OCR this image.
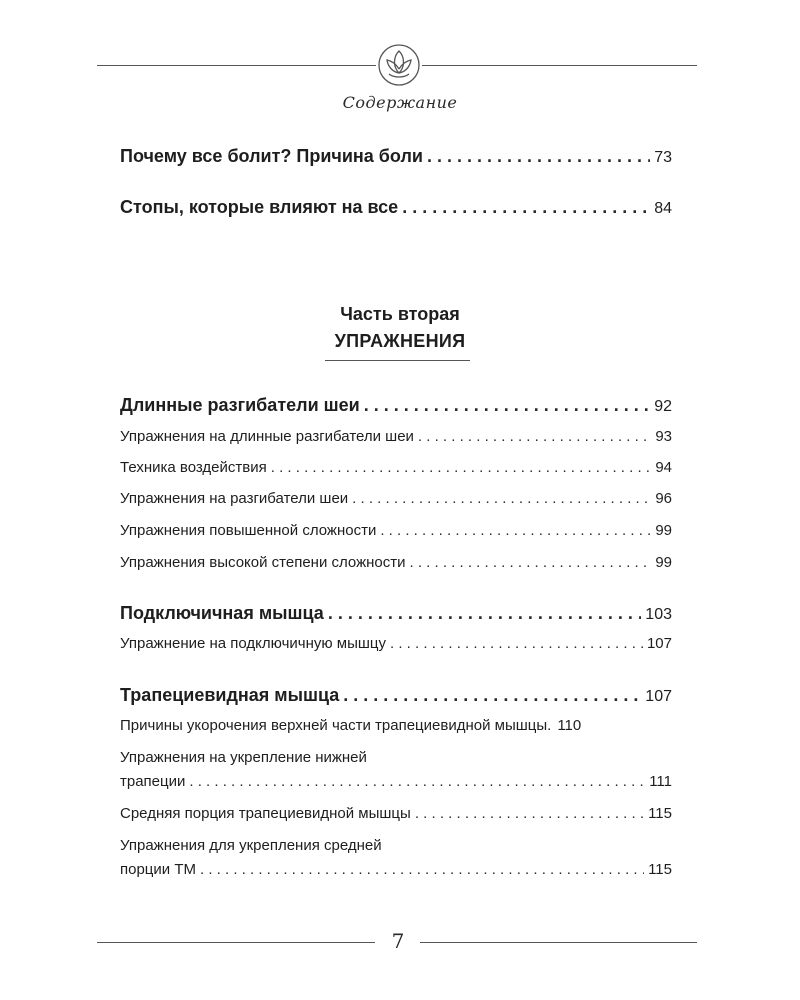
Содержание
Почему все болит? Причина боли . . .	73
Стопы, которые влияют на все . . .	84
Часть вторая
УПРАЖНЕНИЯ
Длинные разгибатели шеи . . .	92
Упражнения на длинные разгибатели шеи . . .	93
Техника воздействия . . .	94
Упражнения на разгибатели шеи . . .	96
Упражнения повышенной сложности . . .	99
Упражнения высокой степени сложности . . .	99
Подключичная мышца . . .	103
Упражнение на подключичную мышцу . . .	107
Трапециевидная мышца . . .	107
Причины укорочения верхней части трапециевидной мышцы. 110
Упражнения на укрепление нижней
трапеции . . .	111
Средняя порция трапециевидной мышцы . . .	115
Упражнения для укрепления средней
порции ТМ . . .	115
7
